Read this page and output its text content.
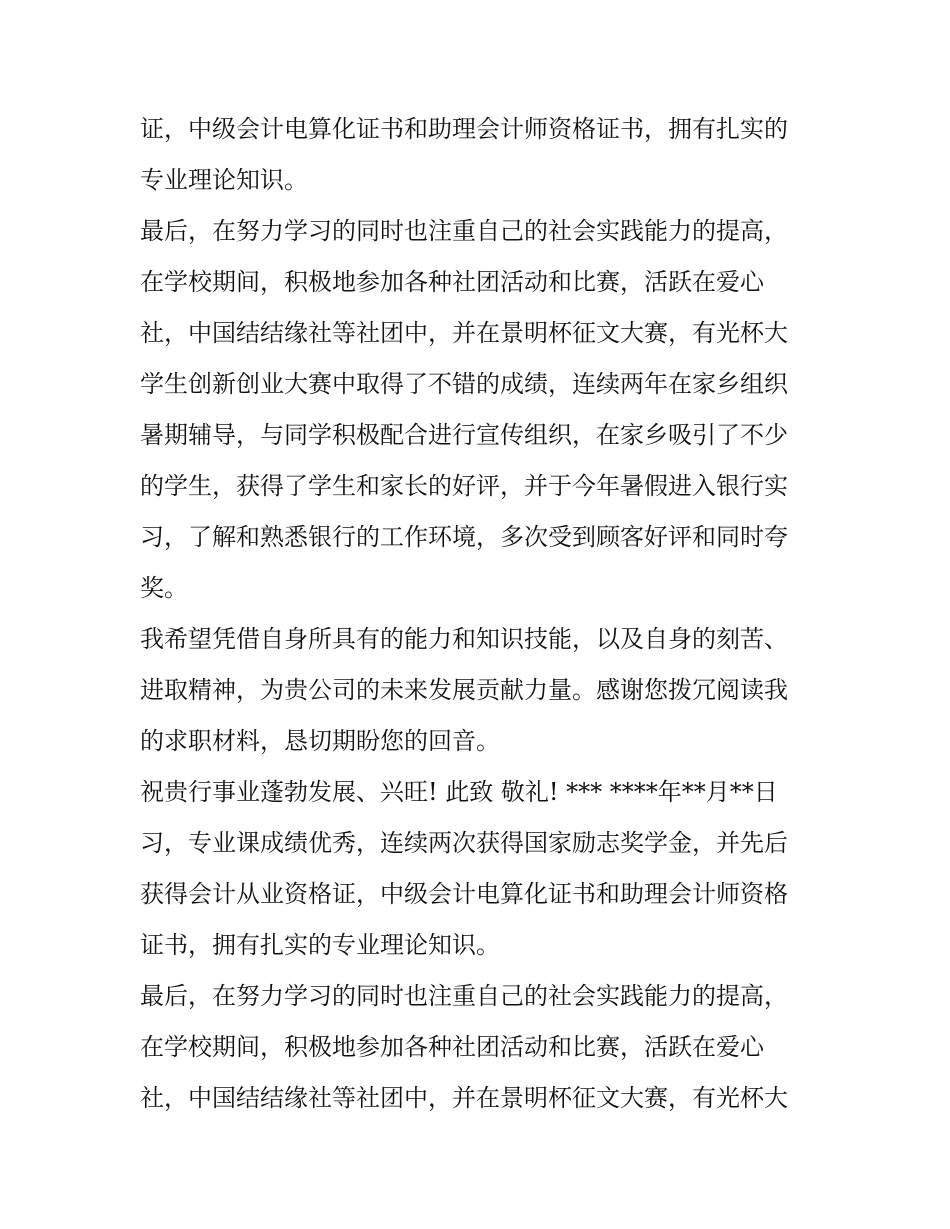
证，中级会计电算化证书和助理会计师资格证书，拥有扎实的
专业理论知识。
最后，在努力学习的同时也注重自己的社会实践能力的提高，
在学校期间，积极地参加各种社团活动和比赛，活跃在爱心
社，中国结结缘社等社团中，并在景明杯征文大赛，有光杯大
学生创新创业大赛中取得了不错的成绩，连续两年在家乡组织
暑期辅导，与同学积极配合进行宣传组织，在家乡吸引了不少
的学生，获得了学生和家长的好评，并于今年暑假进入银行实
习，了解和熟悉银行的工作环境，多次受到顾客好评和同时夸
奖。
我希望凭借自身所具有的能力和知识技能，以及自身的刻苦、
进取精神，为贵公司的未来发展贡献力量。感谢您拨冗阅读我
的求职材料，恳切期盼您的回音。
祝贵行事业蓬勃发展、兴旺! 此致 敬礼! *** ****年**月**日
习，专业课成绩优秀，连续两次获得国家励志奖学金，并先后
获得会计从业资格证，中级会计电算化证书和助理会计师资格
证书，拥有扎实的专业理论知识。
最后，在努力学习的同时也注重自己的社会实践能力的提高，
在学校期间，积极地参加各种社团活动和比赛，活跃在爱心
社，中国结结缘社等社团中，并在景明杯征文大赛，有光杯大
